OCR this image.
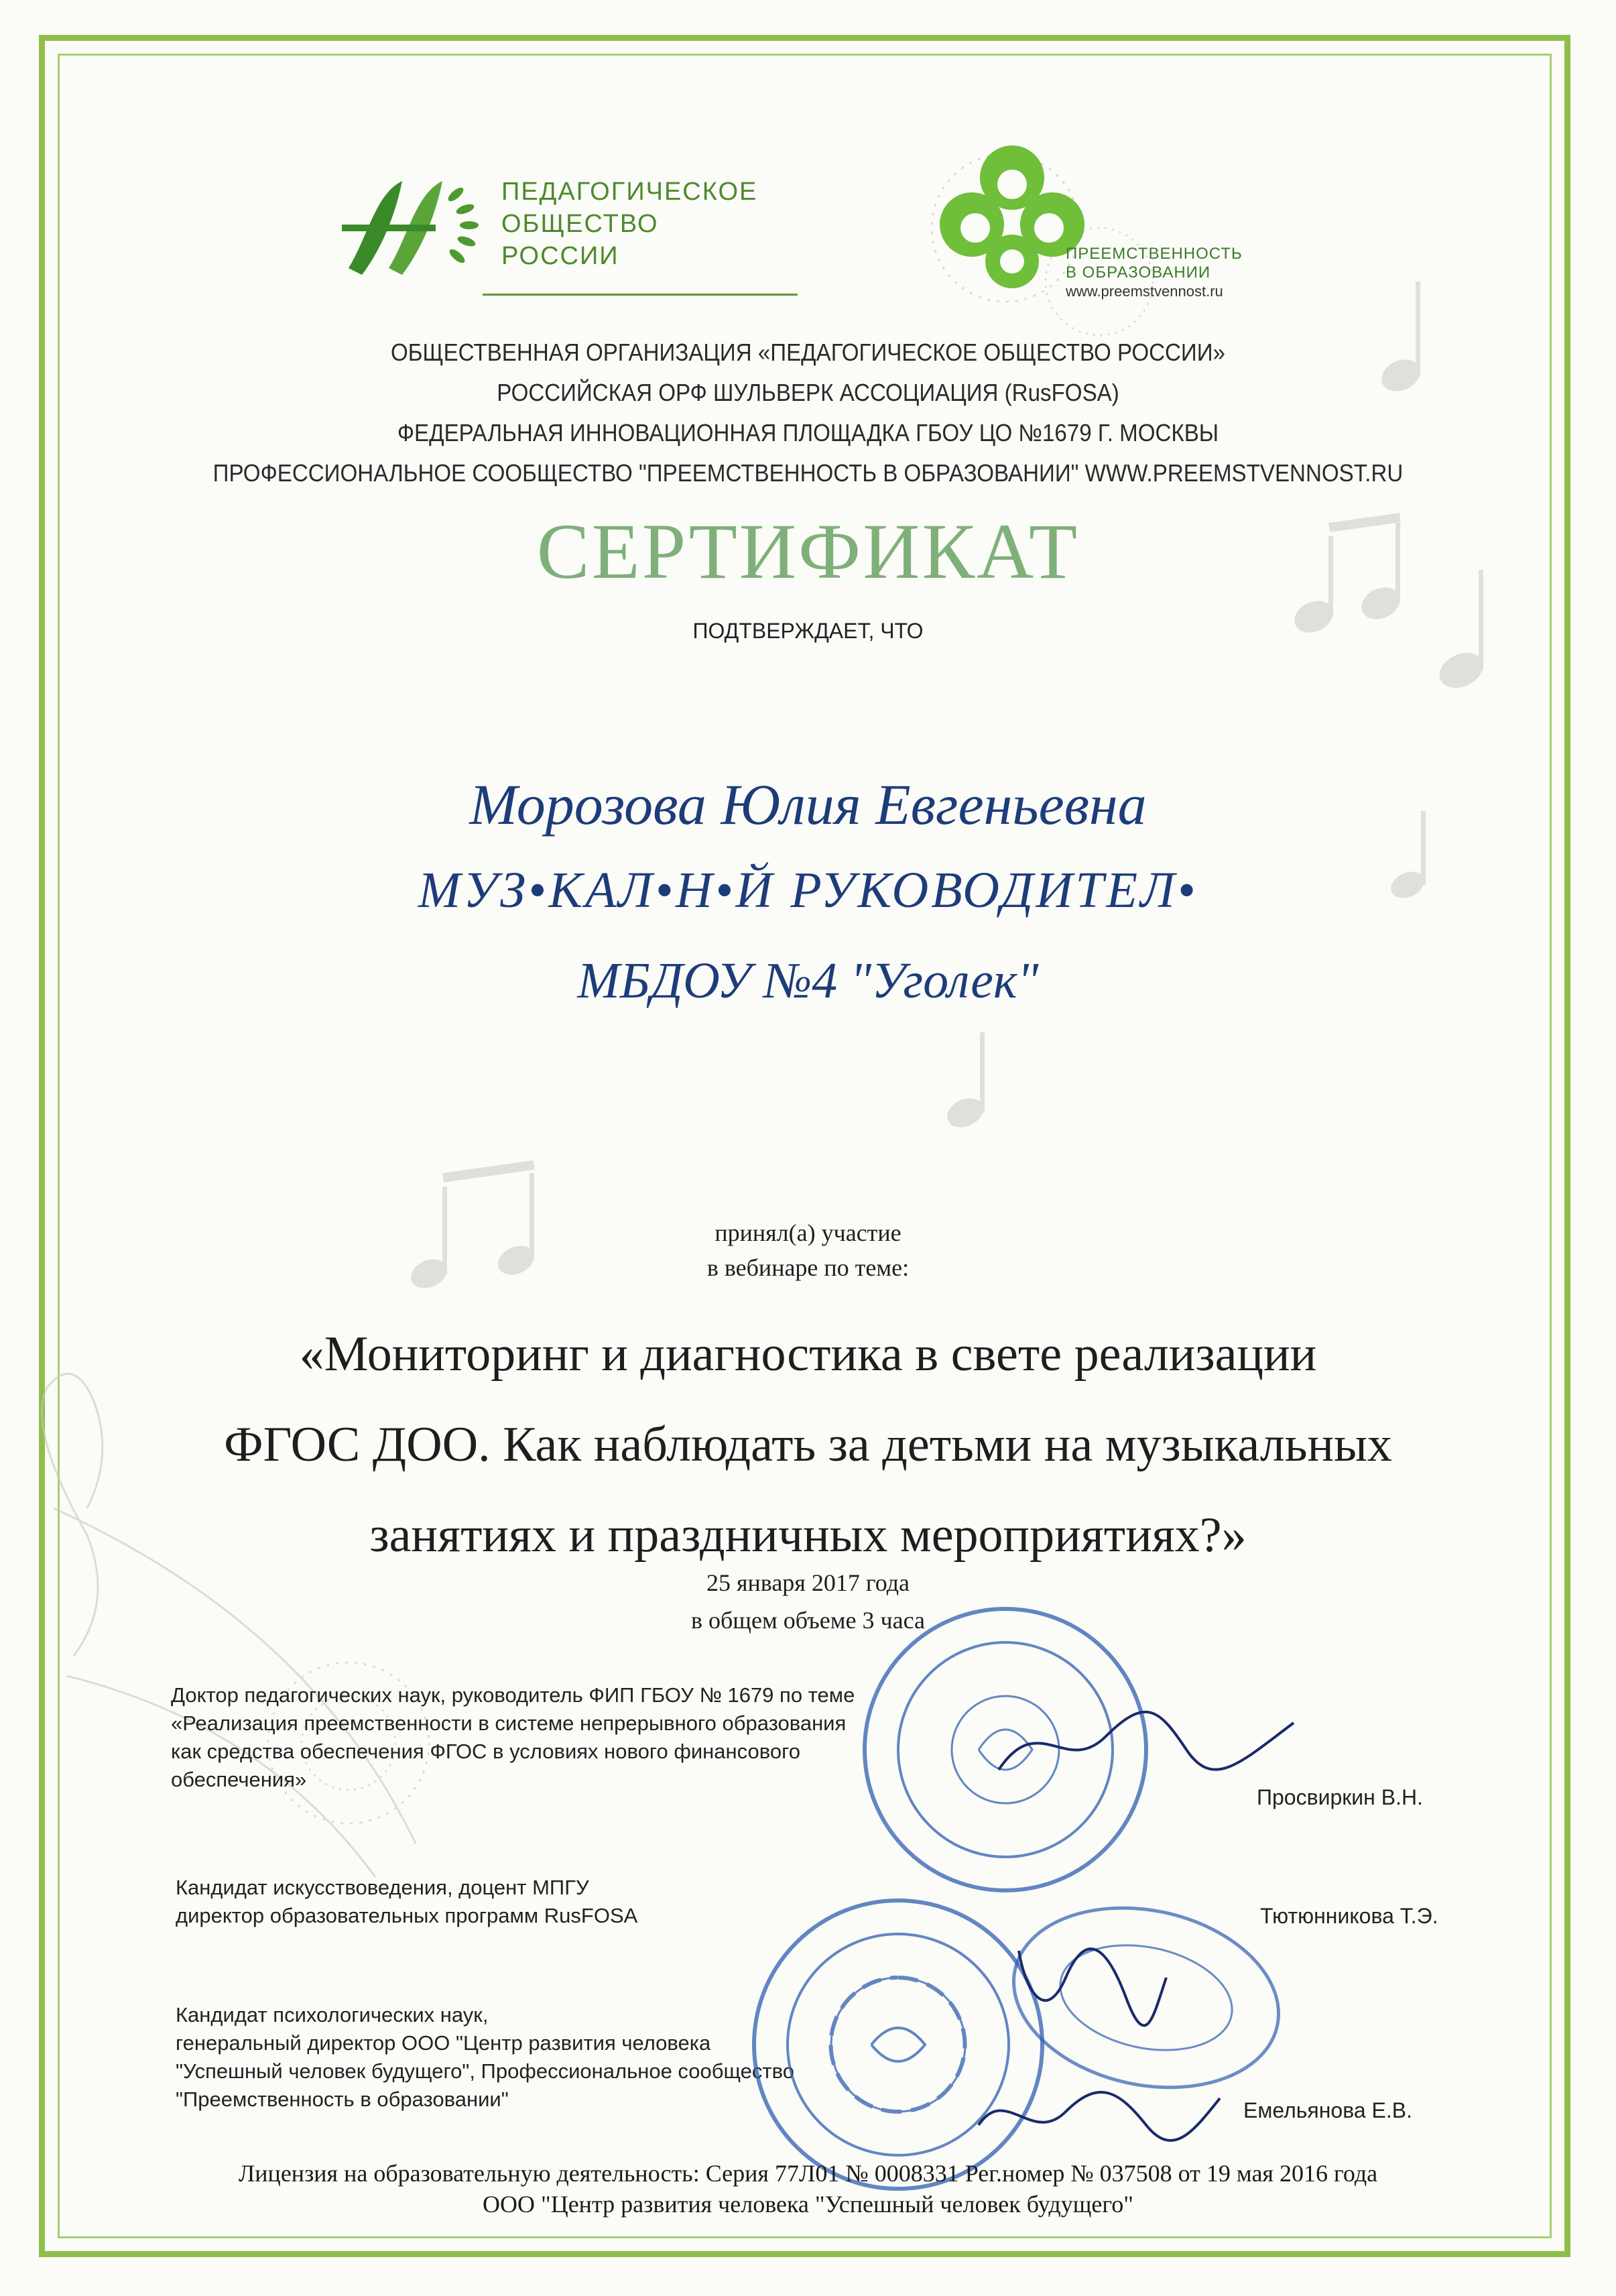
ПЕДАГОГИЧЕСКОЕ
ОБЩЕСТВО
РОССИИ	ПРЕЕМСТВЕННОСТЬ
В ОБРАЗОВАНИИ
www.preemstvennost.ru
ОБЩЕСТВЕННАЯ ОРГАНИЗАЦИЯ «ПЕДАГОГИЧЕСКОЕ ОБЩЕСТВО РОССИИ»
РОССИЙСКАЯ ОРФ ШУЛЬВЕРК АССОЦИАЦИЯ (RusFOSA)
ФЕДЕРАЛЬНАЯ ИННОВАЦИОННАЯ ПЛОЩАДКА ГБОУ ЦО №1679 Г. МОСКВЫ
ПРОФЕССИОНАЛЬНОЕ СООБЩЕСТВО "ПРЕЕМСТВЕННОСТЬ В ОБРАЗОВАНИИ" WWW.PREEMSTVENNOST.RU
СЕРТИФИКАТ
ПОДТВЕРЖДАЕТ, ЧТО
Морозова Юлия Евгеньевна
МУЗ•КАЛ•Н•Й РУКОВОДИТЕЛ•
МБДОУ №4 "Уголек"
принял(а) участие
в вебинаре по теме:
«Мониторинг и диагностика в свете реализации
ФГОС ДОО. Как наблюдать за детьми на музыкальных
занятиях и праздничных мероприятиях?»
25 января 2017 года
в общем объеме 3 часа
Доктор педагогических наук, руководитель ФИП ГБОУ № 1679 по теме
«Реализация преемственности в системе непрерывного образования
как средства обеспечения ФГОС в условиях нового финансового
обеспечения»
Просвиркин В.Н.
Кандидат искусствоведения, доцент МПГУ
директор образовательных программ RusFOSA	Тютюнникова Т.Э.
Кандидат психологических наук,
генеральный директор ООО "Центр развития человека
"Успешный человек будущего", Профессиональное сообщество
"Преемственность в образовании"	Емельянова Е.В.
Лицензия на образовательную деятельность: Серия 77Л01 № 0008331 Рег.номер № 037508 от 19 мая 2016 года
ООО "Центр развития человека "Успешный человек будущего"
